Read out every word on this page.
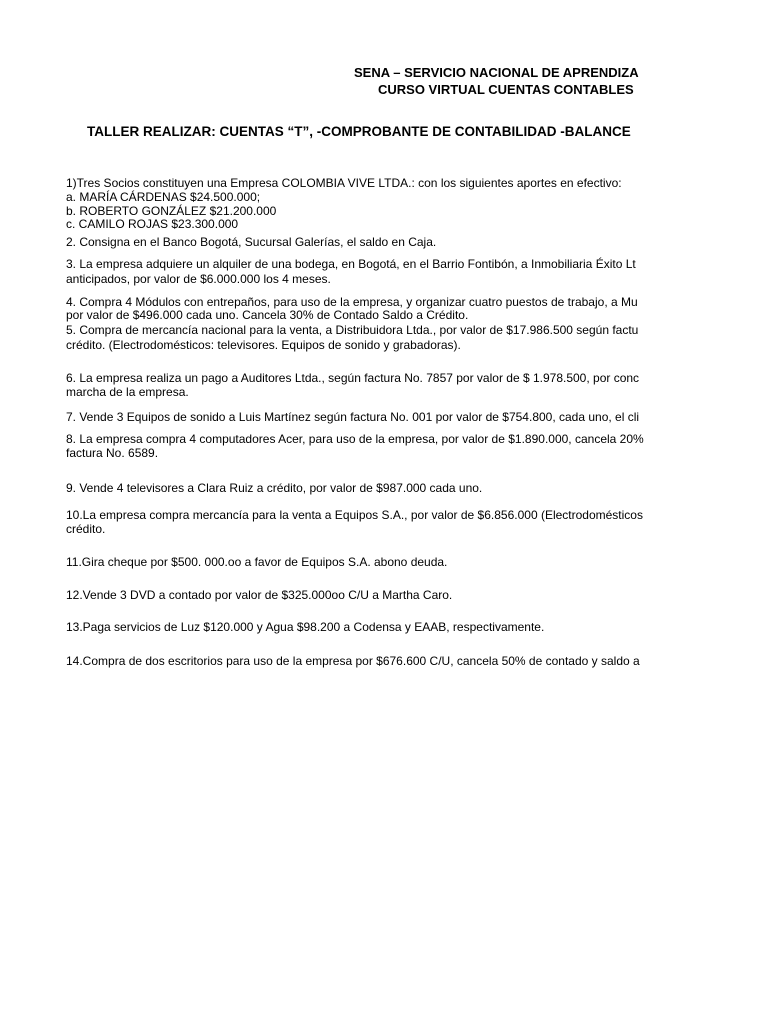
SENA – SERVICIO NACIONAL DE APRENDIZA
CURSO VIRTUAL CUENTAS CONTABLES
TALLER REALIZAR: CUENTAS “T”, -COMPROBANTE DE CONTABILIDAD -BALANCE
1)Tres Socios constituyen una Empresa COLOMBIA VIVE LTDA.: con los siguientes aportes en efectivo:
a. MARÍA CÁRDENAS $24.500.000;
b. ROBERTO GONZÁLEZ $21.200.000
c. CAMILO ROJAS $23.300.000
2. Consigna en el Banco Bogotá, Sucursal Galerías, el saldo en Caja.
3. La empresa adquiere un alquiler de una bodega, en Bogotá, en el Barrio Fontibón, a Inmobiliaria Éxito Lt
anticipados, por valor de $6.000.000 los 4 meses.
4. Compra 4 Módulos con entrepaños, para uso de la empresa, y organizar cuatro puestos de trabajo, a Mu
por valor de $496.000 cada uno. Cancela 30% de Contado Saldo a Crédito.
5. Compra de mercancía nacional para la venta, a Distribuidora Ltda., por valor de $17.986.500 según factu
crédito. (Electrodomésticos: televisores. Equipos de sonido y grabadoras).
6. La empresa realiza un pago a Auditores Ltda., según factura No. 7857 por valor de $ 1.978.500, por conc
marcha de la empresa.
7. Vende 3 Equipos de sonido a Luis Martínez según factura No. 001 por valor de $754.800, cada uno, el cli
8. La empresa compra 4 computadores Acer, para uso de la empresa, por valor de $1.890.000, cancela 20%
factura No. 6589.
9. Vende 4 televisores a Clara Ruiz a crédito, por valor de $987.000 cada uno.
10.La empresa compra mercancía para la venta a Equipos S.A., por valor de $6.856.000 (Electrodomésticos
crédito.
11.Gira cheque por $500. 000.oo a favor de Equipos S.A. abono deuda.
12.Vende 3 DVD a contado por valor de $325.000oo C/U a Martha Caro.
13.Paga servicios de Luz $120.000 y Agua $98.200 a Codensa y EAAB, respectivamente.
14.Compra de dos escritorios para uso de la empresa por $676.600 C/U, cancela 50% de contado y saldo a
